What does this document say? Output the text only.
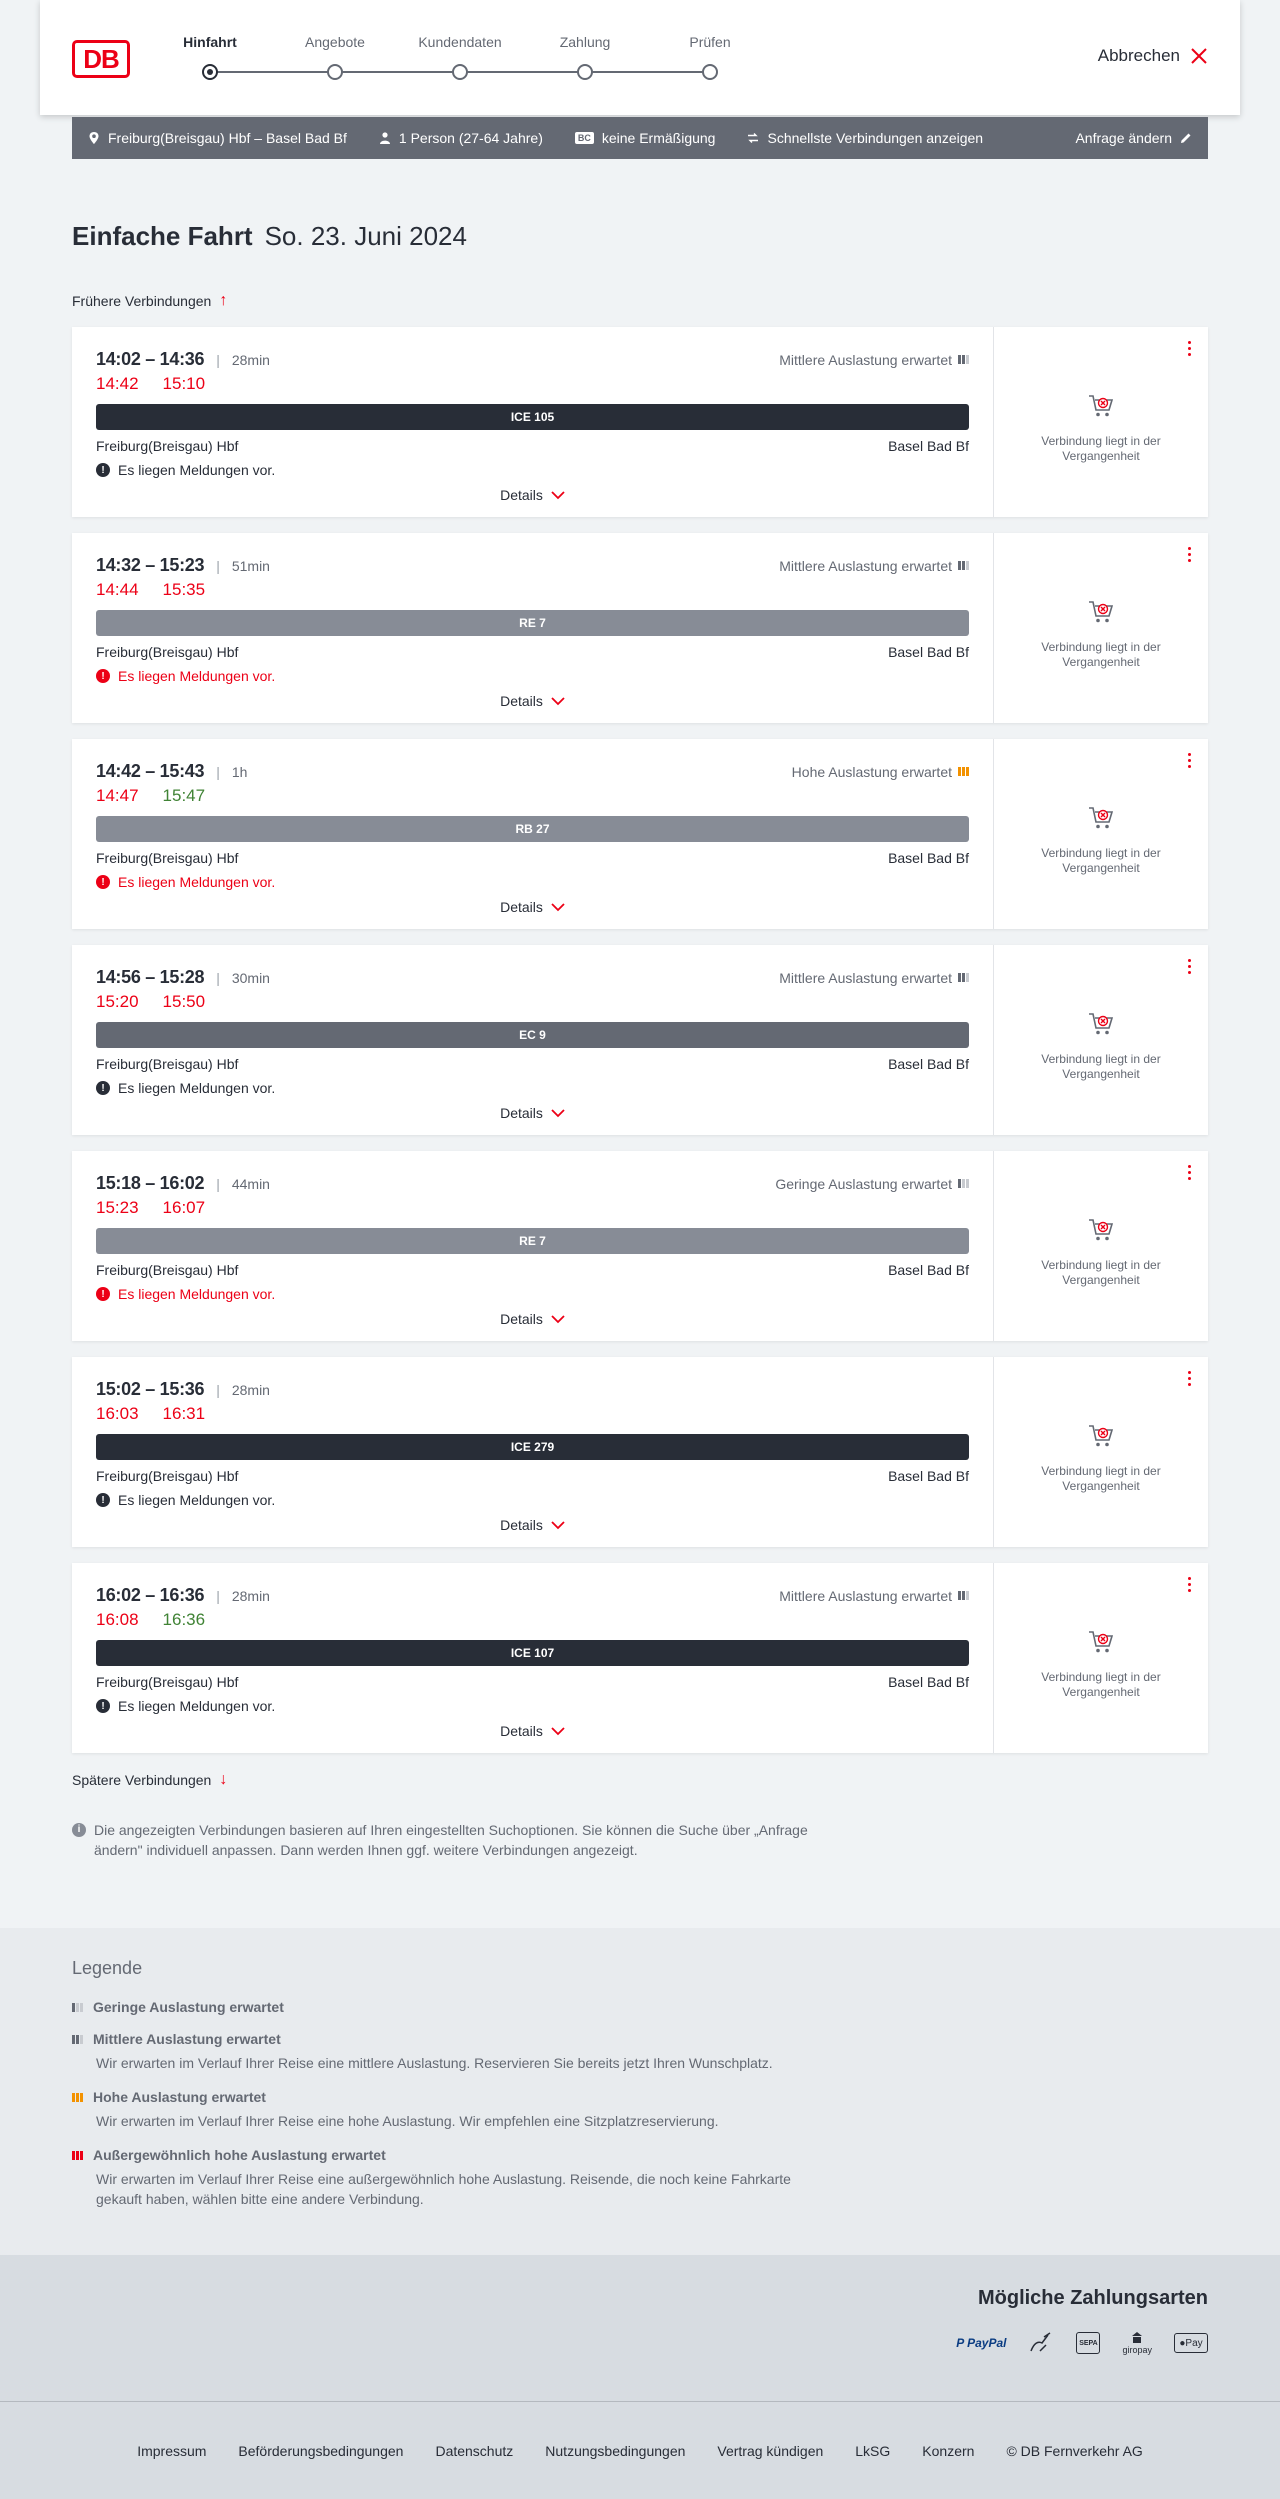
DB
Hinfahrt	Angebote	Kundendaten	Zahlung	Prüfen
Abbrechen
Freiburg(Breisgau) Hbf – Basel Bad Bf	1 Person (27-64 Jahre)	BC keine Ermäßigung	Schnellste Verbindungen anzeigen	Anfrage ändern
Einfache Fahrt So. 23. Juni 2024
Frühere Verbindungen ↑
14:02 – 14:36 | 28min	Mittlere Auslastung erwartet
14:42 15:10
ICE 105
Freiburg(Breisgau) Hbf	Basel Bad Bf
! Es liegen Meldungen vor.
Details
Verbindung liegt in der Vergangenheit
14:32 – 15:23 | 51min	Mittlere Auslastung erwartet
14:44 15:35
RE 7
Freiburg(Breisgau) Hbf	Basel Bad Bf
! Es liegen Meldungen vor.
Details
Verbindung liegt in der Vergangenheit
14:42 – 15:43 | 1h	Hohe Auslastung erwartet
14:47 15:47
RB 27
Freiburg(Breisgau) Hbf	Basel Bad Bf
! Es liegen Meldungen vor.
Details
Verbindung liegt in der Vergangenheit
14:56 – 15:28 | 30min	Mittlere Auslastung erwartet
15:20 15:50
EC 9
Freiburg(Breisgau) Hbf	Basel Bad Bf
! Es liegen Meldungen vor.
Details
Verbindung liegt in der Vergangenheit
15:18 – 16:02 | 44min	Geringe Auslastung erwartet
15:23 16:07
RE 7
Freiburg(Breisgau) Hbf	Basel Bad Bf
! Es liegen Meldungen vor.
Details
Verbindung liegt in der Vergangenheit
15:02 – 15:36 | 28min
16:03 16:31
ICE 279
Freiburg(Breisgau) Hbf	Basel Bad Bf
! Es liegen Meldungen vor.
Details
Verbindung liegt in der Vergangenheit
16:02 – 16:36 | 28min	Mittlere Auslastung erwartet
16:08 16:36
ICE 107
Freiburg(Breisgau) Hbf	Basel Bad Bf
! Es liegen Meldungen vor.
Details
Verbindung liegt in der Vergangenheit
Spätere Verbindungen ↓
i Die angezeigten Verbindungen basieren auf Ihren eingestellten Suchoptionen. Sie können die Suche über „Anfrage ändern" individuell anpassen. Dann werden Ihnen ggf. weitere Verbindungen angezeigt.
Legende
Geringe Auslastung erwartet
Mittlere Auslastung erwartet
Wir erwarten im Verlauf Ihrer Reise eine mittlere Auslastung. Reservieren Sie bereits jetzt Ihren Wunschplatz.
Hohe Auslastung erwartet
Wir erwarten im Verlauf Ihrer Reise eine hohe Auslastung. Wir empfehlen eine Sitzplatzreservierung.
Außergewöhnlich hohe Auslastung erwartet
Wir erwarten im Verlauf Ihrer Reise eine außergewöhnlich hohe Auslastung. Reisende, die noch keine Fahrkarte gekauft haben, wählen bitte eine andere Verbindung.
Mögliche Zahlungsarten
P PayPal	SEPA
giropay
● Pay
Impressum Beförderungsbedingungen Datenschutz Nutzungsbedingungen Vertrag kündigen LkSG Konzern © DB Fernverkehr AG
